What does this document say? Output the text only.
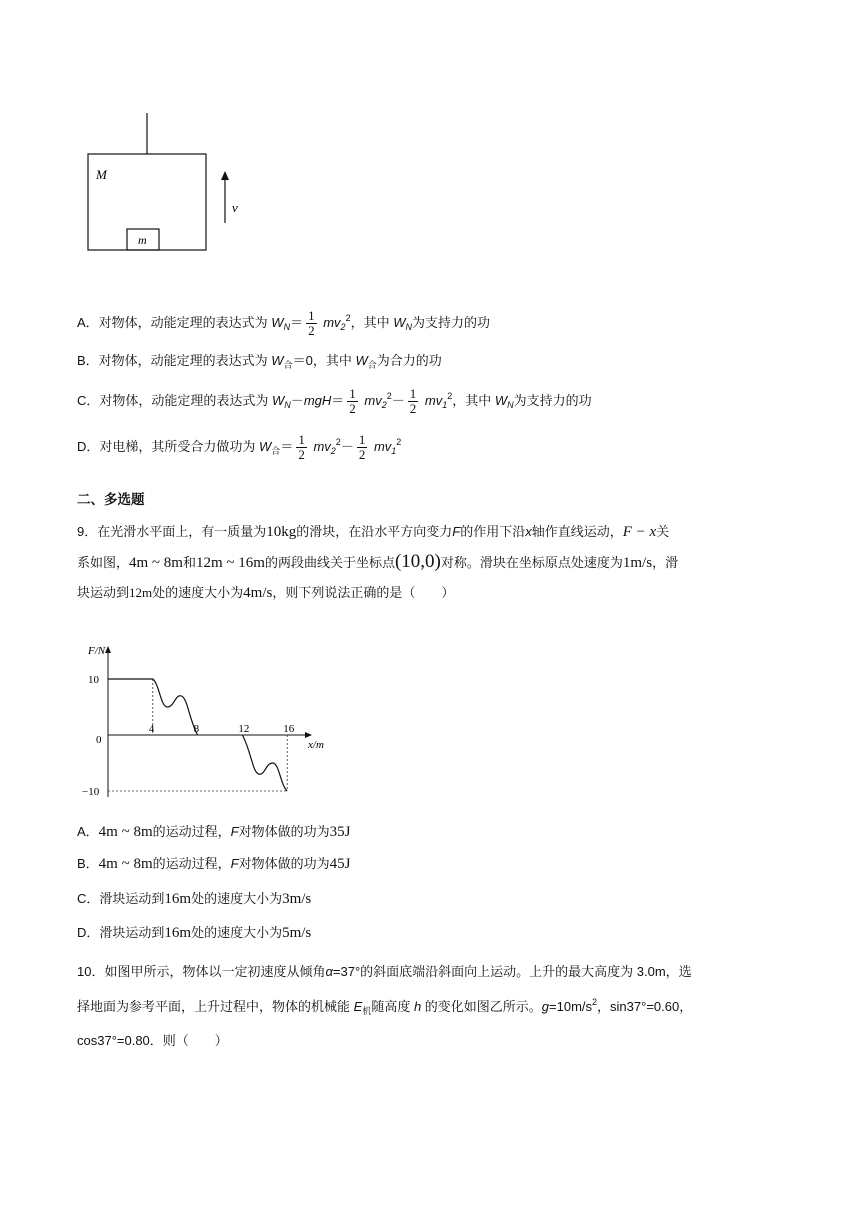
M
m
v
A．对物体，动能定理的表达式为 $W_N= \frac{1}{2} mv_2^2$，其中 $W_N$为支持力的功
B．对物体，动能定理的表达式为 $W_合=0$，其中 $W_合$为合力的功
C．对物体，动能定理的表达式为 $W_N-mgH= \frac{1}{2} mv_2^2- \frac{1}{2} mv_1^2$，其中 $W_N$为支持力的功
D．对电梯，其所受合力做功为 $W_合= \frac{1}{2} mv_2^2- \frac{1}{2} mv_1^2$
二、多选题
9．在光滑水平面上，有一质量为10kg的滑块，在沿水平方向变力F的作用下沿x轴作直线运动，F − x关
系如图，4m ~ 8m和12m ~ 16m的两段曲线关于坐标点(10,0)对称。滑块在坐标原点处速度为1m/s，滑
块运动到12m处的速度大小为4m/s，则下列说法正确的是（　　）
F/N
x/m
0
4	8	12	16
10
−10
A．4m ~ 8m的运动过程，F对物体做的功为35J
B．4m ~ 8m的运动过程，F对物体做的功为45J
C．滑块运动到16m处的速度大小为3m/s
D．滑块运动到16m处的速度大小为5m/s
10．如图甲所示，物体以一定初速度从倾角α=37°的斜面底端沿斜面向上运动。上升的最大高度为 3.0m，选
择地面为参考平面，上升过程中，物体的机械能 $E_机$随高度 h 的变化如图乙所示。$g=10m/s^2$，sin37°=0.60，
cos37°=0.80．则（　　）
